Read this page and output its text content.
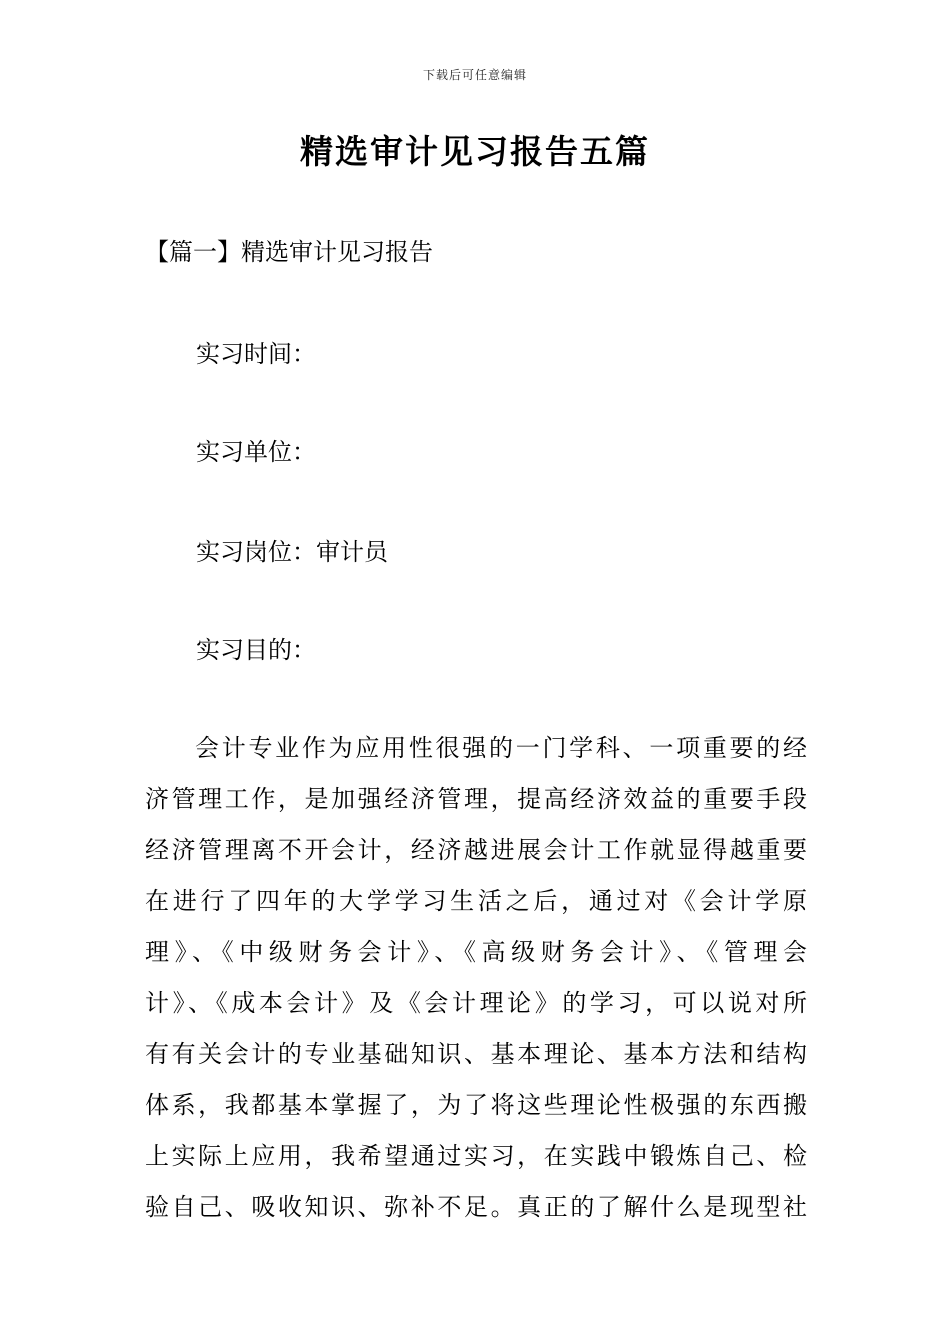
下载后可任意编辑
精选审计见习报告五篇
【篇一】精选审计见习报告

实习时间：

实习单位：

实习岗位：审计员

实习目的：

会计专业作为应用性很强的一门学科、一项重要的经
济管理工作，是加强经济管理，提高经济效益的重要手段
经济管理离不开会计，经济越进展会计工作就显得越重要
在进行了四年的大学学习生活之后，通过对《会计学原
理》、《中级财务会计》、《高级财务会计》、《管理会
计》、《成本会计》及《会计理论》的学习，可以说对所
有有关会计的专业基础知识、基本理论、基本方法和结构
体系，我都基本掌握了，为了将这些理论性极强的东西搬
上实际上应用，我希望通过实习，在实践中锻炼自己、检
验自己、吸收知识、弥补不足。真正的了解什么是现型社
